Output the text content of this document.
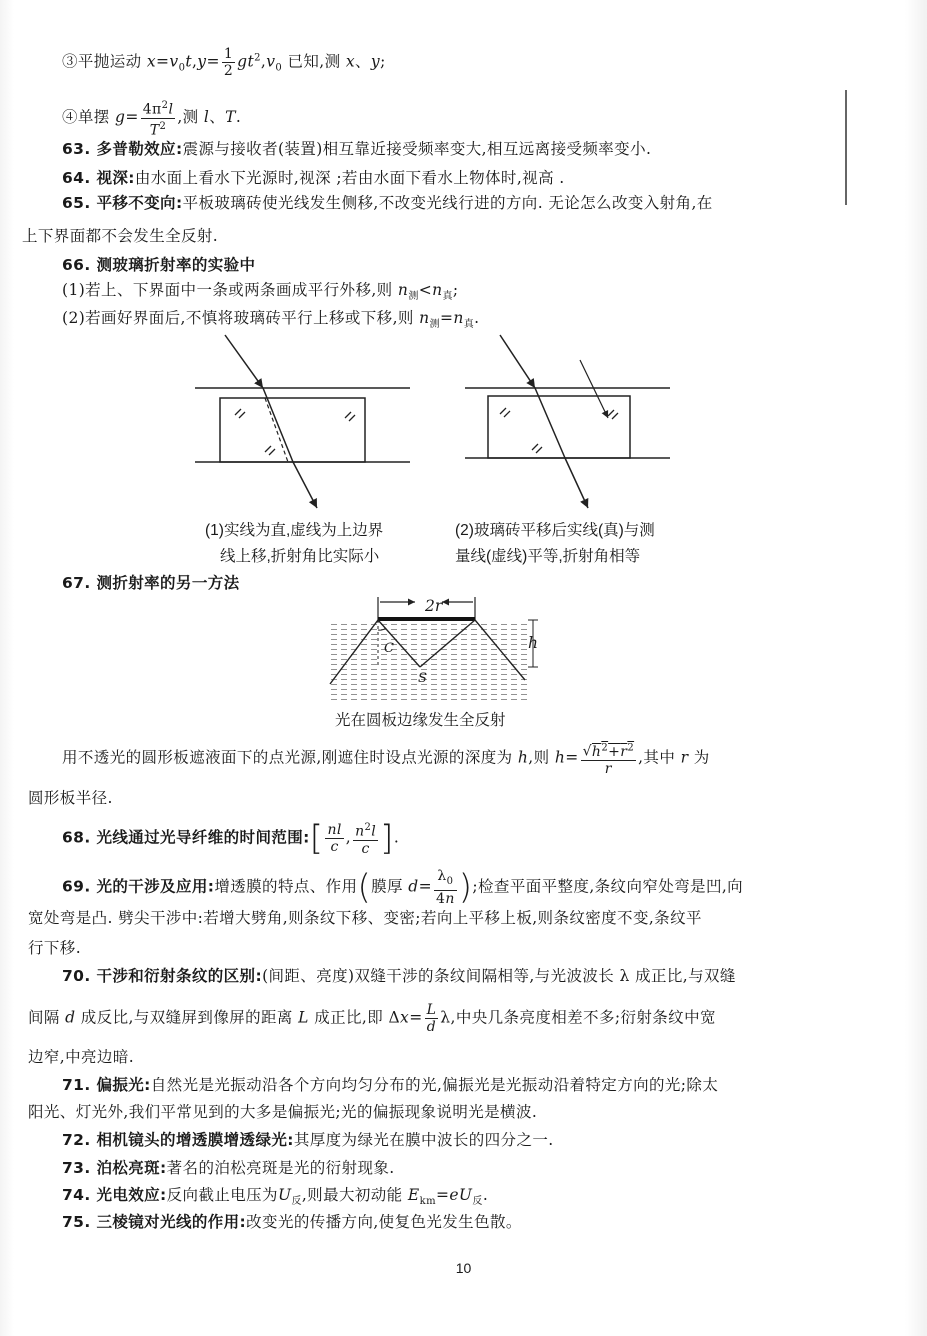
③平抛运动 $x=v_0t,y= \frac{1}{2} gt^2,v_0$ 已知,测 x、y;
④单摆 $g= \frac{4\pi^2l}{T^2}$ ,测 l、T.
63. 多普勒效应:震源与接收者(装置)相互靠近接受频率变大,相互远离接受频率变小.
64. 视深:由水面上看水下光源时,视深 ;若由水面下看水上物体时,视高 .
65. 平移不变向:平板玻璃砖使光线发生侧移,不改变光线行进的方向. 无论怎么改变入射角,在
上下界面都不会发生全反射.
66. 测玻璃折射率的实验中
(1)若上、下界面中一条或两条画成平行外移,则 $n_测<n_真$;
(2)若画好界面后,不慎将玻璃砖平行上移或下移,则 $n_测=n_真$.
(1)实线为直,虚线为上边界
线上移,折射角比实际小
(2)玻璃砖平移后实线(真)与测
量线(虚线)平等,折射角相等
67. 测折射率的另一方法
2r
h
C
S
光在圆板边缘发生全反射
用不透光的圆形板遮液面下的点光源,刚遮住时设点光源的深度为 h,则 $h= \frac{√h^2+r^2}{r}$ ,其中 r 为
圆形板半径.
68. 光线通过光导纤维的时间范围:[ $\frac{nl}{c}$ , $\frac{n^2l}{c}$ ].
69. 光的干涉及应用:增透膜的特点、作用(膜厚 $d= \frac{\lambda_0}{4n}$ );检查平面平整度,条纹向窄处弯是凹,向
宽处弯是凸. 劈尖干涉中:若增大劈角,则条纹下移、变密;若向上平移上板,则条纹密度不变,条纹平
行下移.
70. 干涉和衍射条纹的区别:(间距、亮度)双缝干涉的条纹间隔相等,与光波波长 λ 成正比,与双缝
间隔 d 成反比,与双缝屏到像屏的距离 L 成正比,即 $\Delta x= \frac{L}{d} \lambda$,中央几条亮度相差不多;衍射条纹中宽
边窄,中亮边暗.
71. 偏振光:自然光是光振动沿各个方向均匀分布的光,偏振光是光振动沿着特定方向的光;除太
阳光、灯光外,我们平常见到的大多是偏振光;光的偏振现象说明光是横波.
72. 相机镜头的增透膜增透绿光:其厚度为绿光在膜中波长的四分之一.
73. 泊松亮斑:著名的泊松亮斑是光的衍射现象.
74. 光电效应:反向截止电压为$U_反$,则最大初动能 $E_{km}=eU_反$.
75. 三棱镜对光线的作用:改变光的传播方向,使复色光发生色散。
10
